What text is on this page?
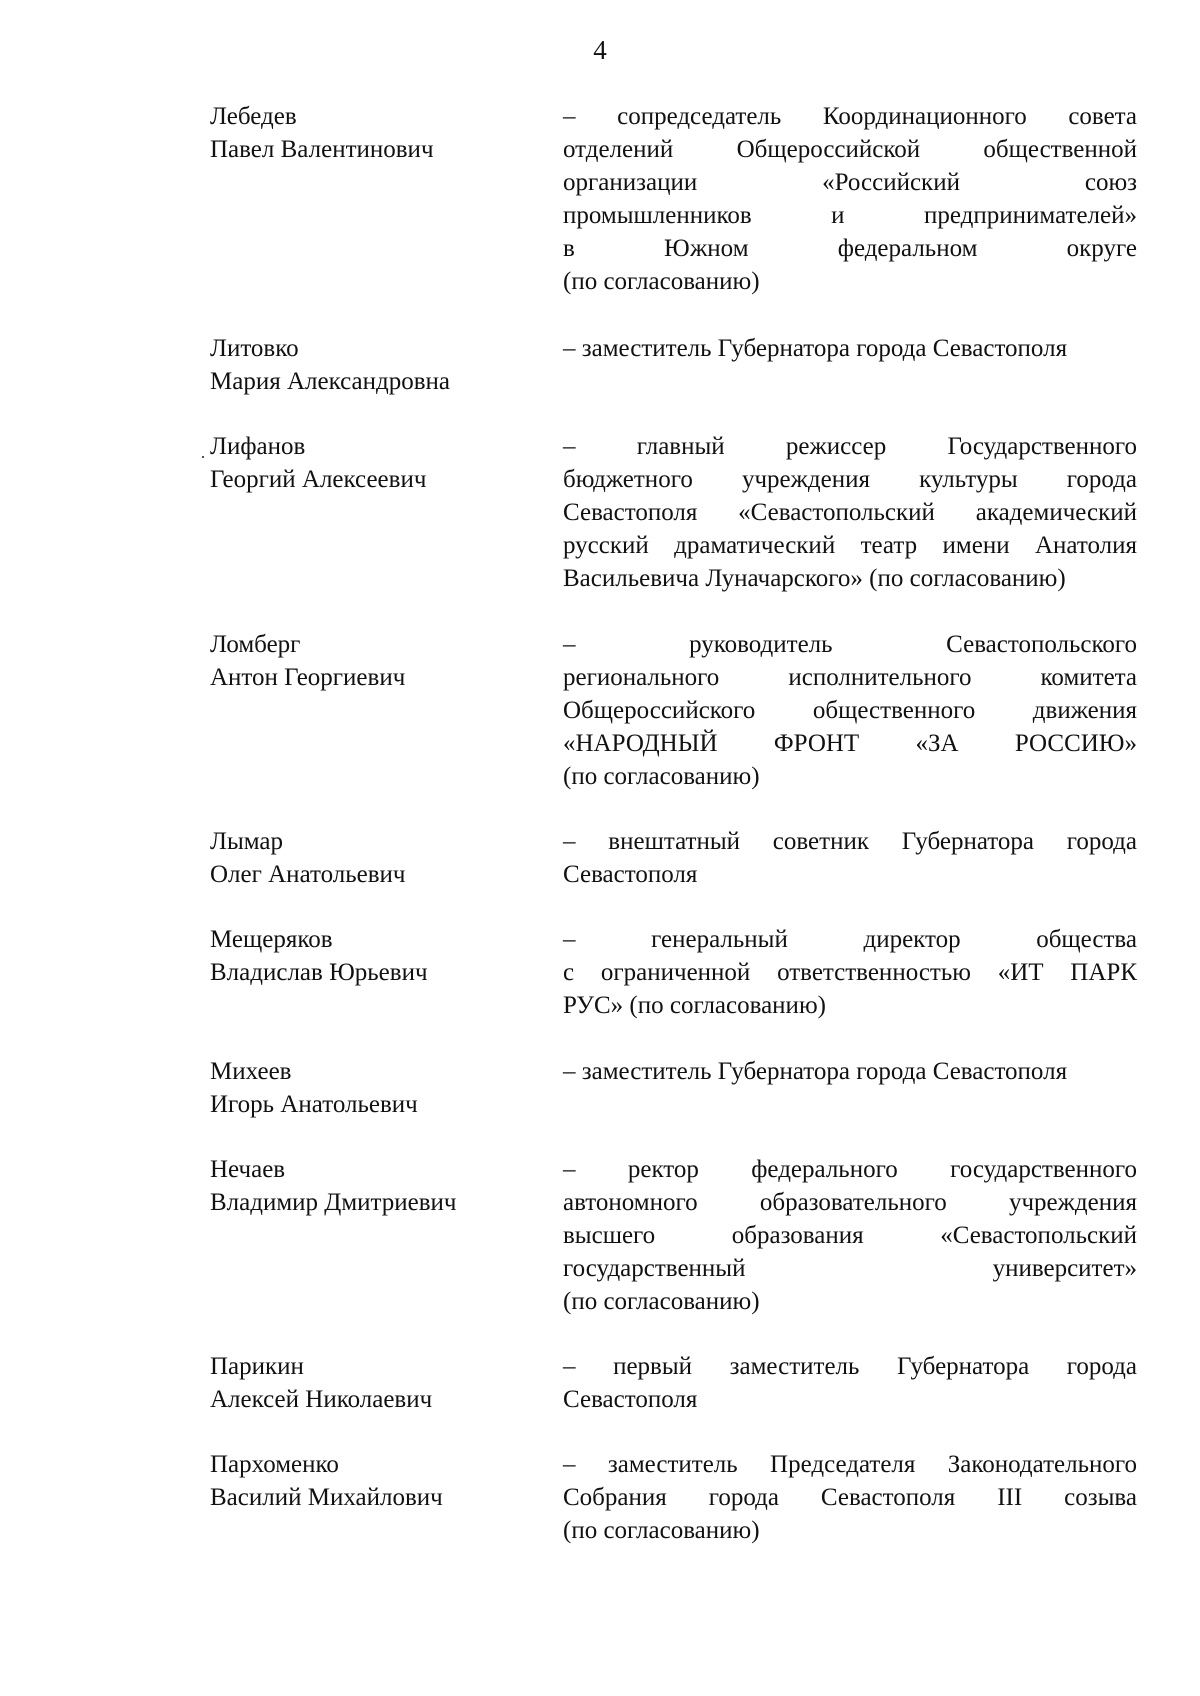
4
·
Лебедев
Павел Валентинович
– сопредседатель Координационного совета
отделений Общероссийской общественной
организации «Российский союз
промышленников и предпринимателей»
в Южном федеральном округе
(по согласованию)
Литовко
Мария Александровна
– заместитель Губернатора города Севастополя
Лифанов
Георгий Алексеевич
– главный режиссер Государственного
бюджетного учреждения культуры города
Севастополя «Севастопольский академический
русский драматический театр имени Анатолия
Васильевича Луначарского» (по согласованию)
Ломберг
Антон Георгиевич
– руководитель Севастопольского
регионального исполнительного комитета
Общероссийского общественного движения
«НАРОДНЫЙ ФРОНТ «ЗА РОССИЮ»
(по согласованию)
Лымар
Олег Анатольевич
– внештатный советник Губернатора города
Севастополя
Мещеряков
Владислав Юрьевич
– генеральный директор общества
с ограниченной ответственностью «ИТ ПАРК
РУС» (по согласованию)
Михеев
Игорь Анатольевич
– заместитель Губернатора города Севастополя
Нечаев
Владимир Дмитриевич
– ректор федерального государственного
автономного образовательного учреждения
высшего образования «Севастопольский
государственный университет»
(по согласованию)
Парикин
Алексей Николаевич
– первый заместитель Губернатора города
Севастополя
Пархоменко
Василий Михайлович
– заместитель Председателя Законодательного
Собрания города Севастополя III созыва
(по согласованию)
